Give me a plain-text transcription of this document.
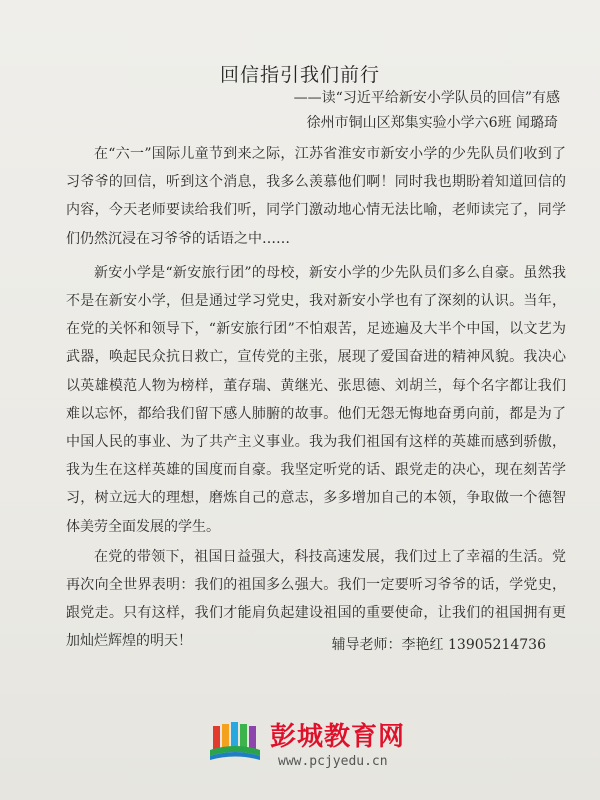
回信指引我们前行
——读“习近平给新安小学队员的回信”有感
徐州市铜山区郑集实验小学六6班 闻璐琦

在“六一”国际儿童节到来之际，江苏省淮安市新安小学的少先队员们收到了习爷爷的回信，听到这个消息，我多么羡慕他们啊！同时我也期盼着知道回信的内容，今天老师要读给我们听，同学门激动地心情无法比喻，老师读完了，同学们仍然沉浸在习爷爷的话语之中……

新安小学是“新安旅行团”的母校，新安小学的少先队员们多么自豪。虽然我不是在新安小学，但是通过学习党史，我对新安小学也有了深刻的认识。当年，在党的关怀和领导下，“新安旅行团”不怕艰苦，足迹遍及大半个中国，以文艺为武器，唤起民众抗日救亡，宣传党的主张，展现了爱国奋进的精神风貌。我决心以英雄模范人物为榜样，董存瑞、黄继光、张思德、刘胡兰，每个名字都让我们难以忘怀，都给我们留下感人肺腑的故事。他们无怨无悔地奋勇向前，都是为了中国人民的事业、为了共产主义事业。我为我们祖国有这样的英雄而感到骄傲，我为生在这样英雄的国度而自豪。我坚定听党的话、跟党走的决心，现在刻苦学习，树立远大的理想，磨炼自己的意志，多多增加自己的本领，争取做一个德智体美劳全面发展的学生。

在党的带领下，祖国日益强大，科技高速发展，我们过上了幸福的生活。党再次向全世界表明：我们的祖国多么强大。我们一定要听习爷爷的话，学党史，跟党走。只有这样，我们才能肩负起建设祖国的重要使命，让我们的祖国拥有更加灿烂辉煌的明天！	辅导老师：李艳红 13905214736
彭城教育网
www.pcjyedu.cn
